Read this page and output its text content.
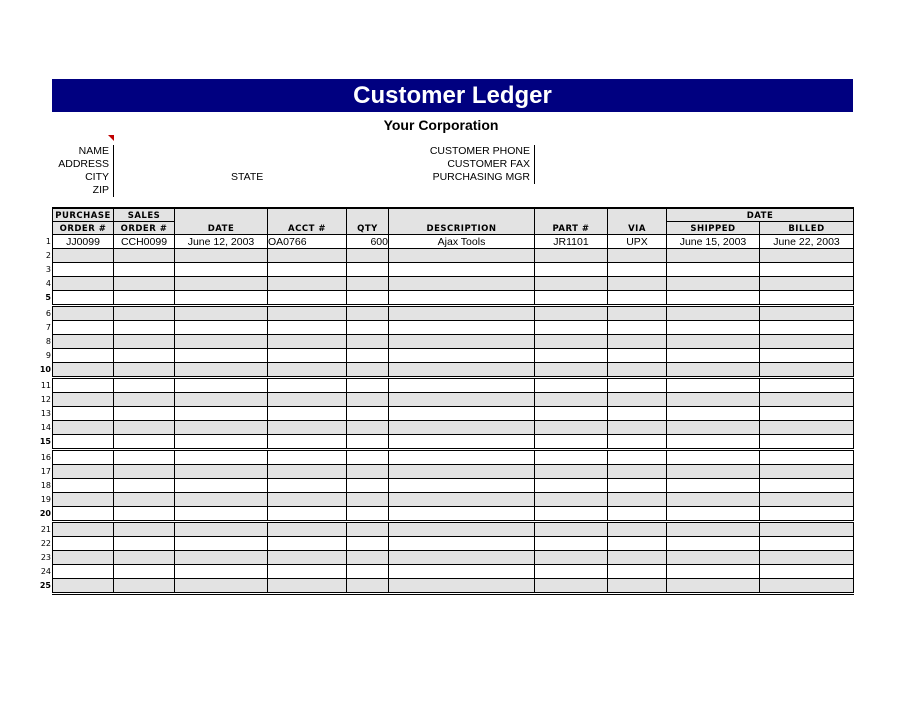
Customer Ledger
Your Corporation
NAME
ADDRESS
CITY
ZIP
STATE
CUSTOMER PHONE
CUSTOMER FAX
PURCHASING MGR
1
2
3
4
5
6
7
8
9
10
11
12
13
14
15
16
17
18
19
20
21
22
23
24
25
PURCHASE	SALES	DATE	ACCT #	QTY	DESCRIPTION	PART #	VIA	DATE	
ORDER #	ORDER #							SHIPPED	BILLED
JJ0099	CCH0099	June 12, 2003	OA0766	600	Ajax Tools	JR1101	UPX	June 15, 2003	June 22, 2003
